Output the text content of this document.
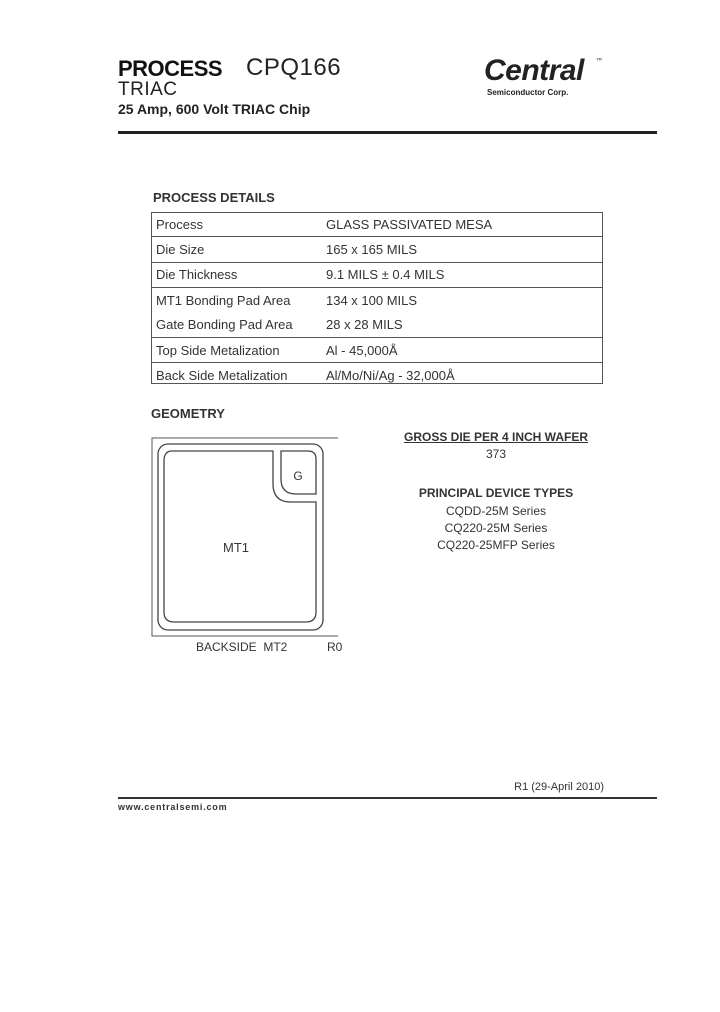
PROCESS CPQ166
TRIAC
25 Amp, 600 Volt TRIAC Chip
Central ™
Semiconductor Corp.
PROCESS DETAILS
Process	GLASS PASSIVATED MESA
Die Size	165 x 165 MILS
Die Thickness	9.1 MILS ± 0.4 MILS
MT1 Bonding Pad Area	134 x 100 MILS
Gate Bonding Pad Area	28 x 28 MILS
Top Side Metalization	Al - 45,000Å
Back Side Metalization	Al/Mo/Ni/Ag - 32,000Å
GEOMETRY
G
MT1
BACKSIDE  MT2	R0
GROSS DIE PER 4 INCH WAFER
373
PRINCIPAL DEVICE TYPES
CQDD-25M Series
CQ220-25M Series
CQ220-25MFP Series
R1 (29-April 2010)
www.centralsemi.com
